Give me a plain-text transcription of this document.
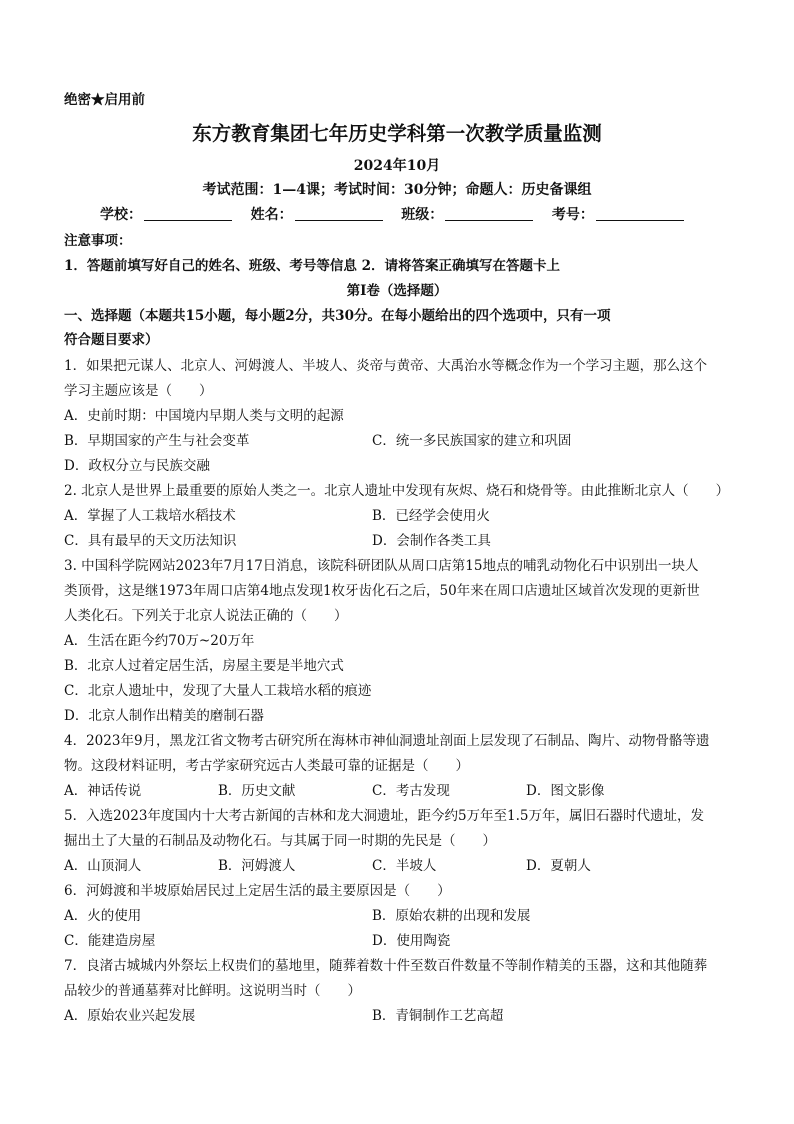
绝密★启用前
东方教育集团七年历史学科第一次教学质量监测
2024年10月
考试范围：1—4课；考试时间：30分钟；命题人：历史备课组
学校：	姓名：	班级：	考号：
注意事项：
1．答题前填写好自己的姓名、班级、考号等信息 2．请将答案正确填写在答题卡上
第Ⅰ卷（选择题）
一、选择题（本题共15小题，每小题2分，共30分。在每小题给出的四个选项中，只有一项
符合题目要求）
1．如果把元谋人、北京人、河姆渡人、半坡人、炎帝与黄帝、大禹治水等概念作为一个学习主题，那么这个
学习主题应该是（　　）
A．史前时期：中国境内早期人类与文明的起源
B．早期国家的产生与社会变革	C．统一多民族国家的建立和巩固
D．政权分立与民族交融
2. 北京人是世界上最重要的原始人类之一。北京人遗址中发现有灰烬、烧石和烧骨等。由此推断北京人（　　）
A．掌握了人工栽培水稻技术	B．已经学会使用火
C．具有最早的天文历法知识	D．会制作各类工具
3. 中国科学院网站2023年7月17日消息，该院科研团队从周口店第15地点的哺乳动物化石中识别出一块人
类顶骨，这是继1973年周口店第4地点发现1枚牙齿化石之后，50年来在周口店遗址区域首次发现的更新世
人类化石。下列关于北京人说法正确的（　　）
A．生活在距今约70万~20万年
B．北京人过着定居生活，房屋主要是半地穴式
C．北京人遗址中，发现了大量人工栽培水稻的痕迹
D．北京人制作出精美的磨制石器
4．2023年9月，黑龙江省文物考古研究所在海林市神仙洞遗址剖面上层发现了石制品、陶片、动物骨骼等遗
物。这段材料证明，考古学家研究远古人类最可靠的证据是（　　）
A．神话传说	B．历史文献	C．考古发现	D．图文影像
5．入选2023年度国内十大考古新闻的吉林和龙大洞遗址，距今约5万年至1.5万年，属旧石器时代遗址，发
掘出土了大量的石制品及动物化石。与其属于同一时期的先民是（　　）
A．山顶洞人	B．河姆渡人	C．半坡人	D．夏朝人
6．河姆渡和半坡原始居民过上定居生活的最主要原因是（　　）
A．火的使用	B．原始农耕的出现和发展
C．能建造房屋	D．使用陶瓷
7．良渚古城城内外祭坛上权贵们的墓地里，随葬着数十件至数百件数量不等制作精美的玉器，这和其他随葬
品较少的普通墓葬对比鲜明。这说明当时（　　）
A．原始农业兴起发展	B．青铜制作工艺高超
